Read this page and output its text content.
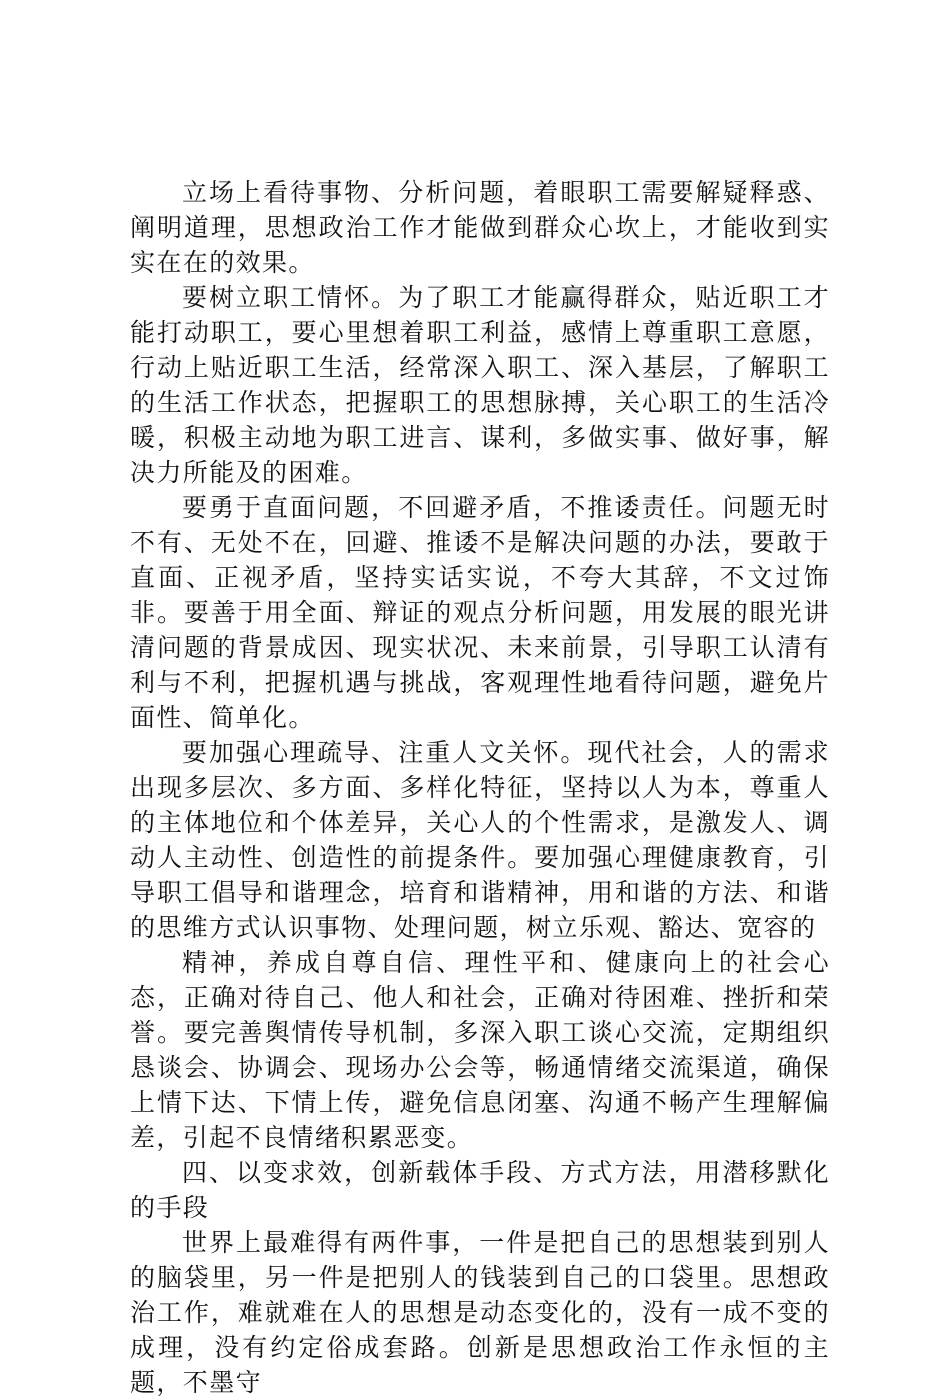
立场上看待事物、分析问题，着眼职工需要解疑释惑、阐明道理，思想政治工作才能做到群众心坎上，才能收到实实在在的效果。

要树立职工情怀。为了职工才能赢得群众，贴近职工才能打动职工，要心里想着职工利益，感情上尊重职工意愿，行动上贴近职工生活，经常深入职工、深入基层，了解职工的生活工作状态，把握职工的思想脉搏，关心职工的生活冷暖，积极主动地为职工进言、谋利，多做实事、做好事，解决力所能及的困难。

要勇于直面问题，不回避矛盾，不推诿责任。问题无时不有、无处不在，回避、推诿不是解决问题的办法，要敢于直面、正视矛盾，坚持实话实说，不夸大其辞，不文过饰非。要善于用全面、辩证的观点分析问题，用发展的眼光讲清问题的背景成因、现实状况、未来前景，引导职工认清有利与不利，把握机遇与挑战，客观理性地看待问题，避免片面性、简单化。

要加强心理疏导、注重人文关怀。现代社会，人的需求出现多层次、多方面、多样化特征，坚持以人为本，尊重人的主体地位和个体差异，关心人的个性需求，是激发人、调动人主动性、创造性的前提条件。要加强心理健康教育，引导职工倡导和谐理念，培育和谐精神，用和谐的方法、和谐的思维方式认识事物、处理问题，树立乐观、豁达、宽容的

精神，养成自尊自信、理性平和、健康向上的社会心态，正确对待自己、他人和社会，正确对待困难、挫折和荣誉。要完善舆情传导机制，多深入职工谈心交流，定期组织恳谈会、协调会、现场办公会等，畅通情绪交流渠道，确保上情下达、下情上传，避免信息闭塞、沟通不畅产生理解偏差，引起不良情绪积累恶变。

四、以变求效，创新载体手段、方式方法，用潜移默化的手段

世界上最难得有两件事，一件是把自己的思想装到别人的脑袋里，另一件是把别人的钱装到自己的口袋里。思想政治工作，难就难在人的思想是动态变化的，没有一成不变的成理，没有约定俗成套路。创新是思想政治工作永恒的主题，不墨守
